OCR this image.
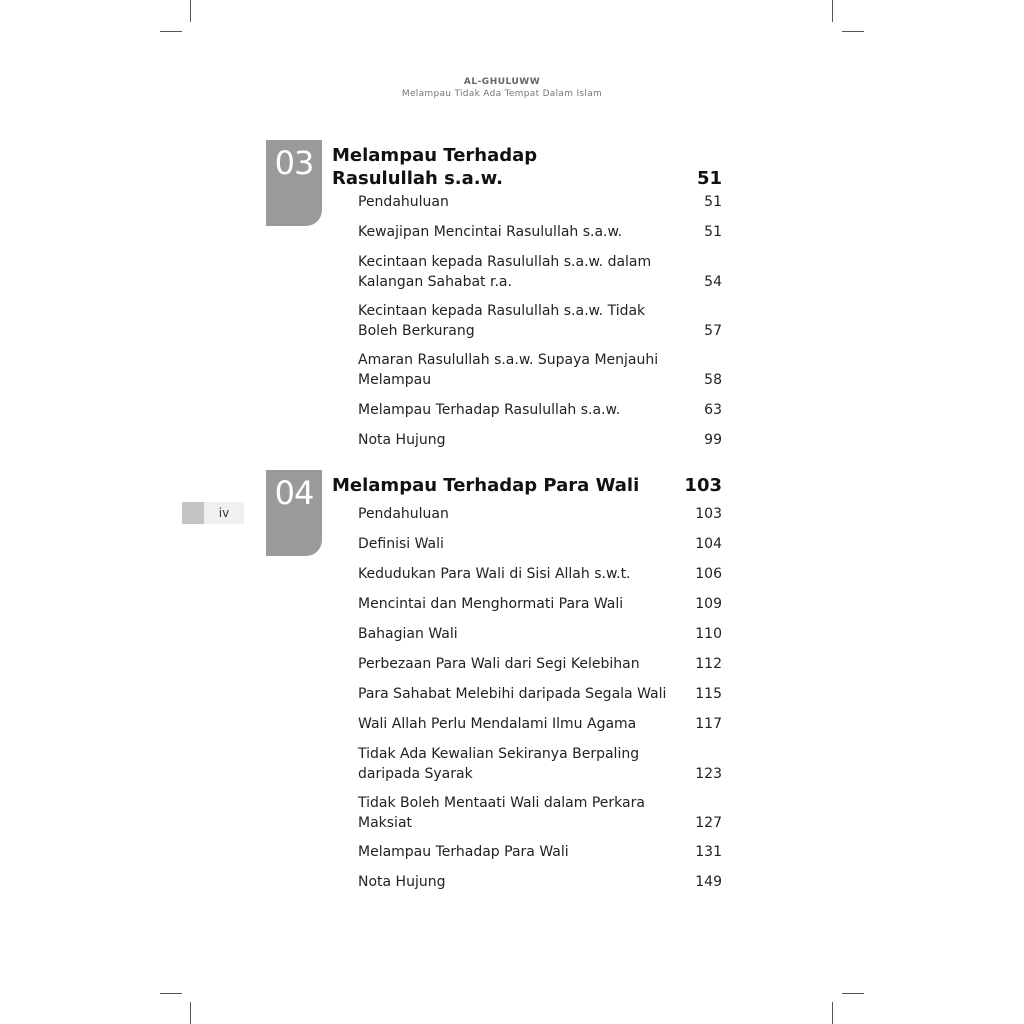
AL-GHULUWW
Melampau Tidak Ada Tempat Dalam Islam
iv
03	Melampau Terhadap
Rasulullah s.a.w.	51
Pendahuluan	51
Kewajipan Mencintai Rasulullah s.a.w.	51
Kecintaan kepada Rasulullah s.a.w. dalam Kalangan Sahabat r.a.	54
Kecintaan kepada Rasulullah s.a.w. Tidak Boleh Berkurang	57
Amaran Rasulullah s.a.w. Supaya Menjauhi Melampau	58
Melampau Terhadap Rasulullah s.a.w.	63
Nota Hujung	99
04	Melampau Terhadap Para Wali	103
Pendahuluan	103
Definisi Wali	104
Kedudukan Para Wali di Sisi Allah s.w.t.	106
Mencintai dan Menghormati Para Wali	109
Bahagian Wali	110
Perbezaan Para Wali dari Segi Kelebihan	112
Para Sahabat Melebihi daripada Segala Wali	115
Wali Allah Perlu Mendalami Ilmu Agama	117
Tidak Ada Kewalian Sekiranya Berpaling daripada Syarak	123
Tidak Boleh Mentaati Wali dalam Perkara Maksiat	127
Melampau Terhadap Para Wali	131
Nota Hujung	149
